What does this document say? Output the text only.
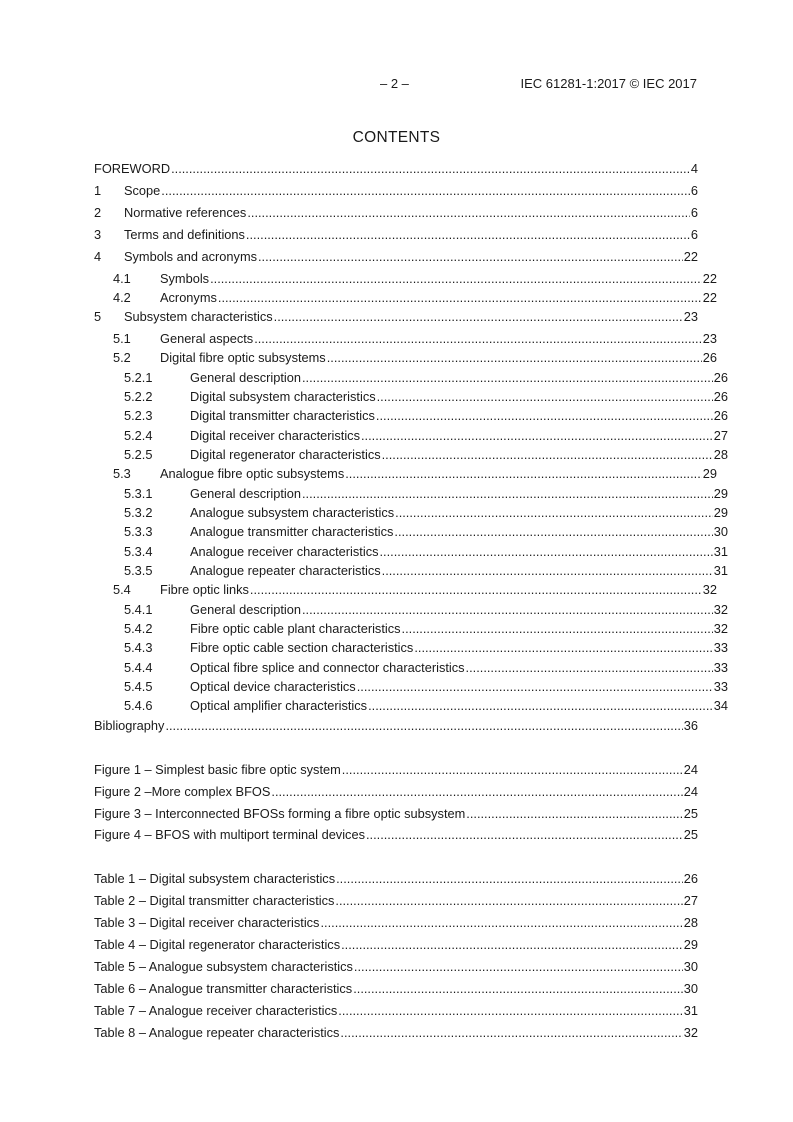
– 2 –	IEC 61281-1:2017 © IEC 2017
CONTENTS
FOREWORD .....	4
1	Scope .....	6
2	Normative references .....	6
3	Terms and definitions .....	6
4	Symbols and acronyms .....	22
4.1	Symbols .....	22
4.2	Acronyms .....	22
5	Subsystem characteristics .....	23
5.1	General aspects .....	23
5.2	Digital fibre optic subsystems .....	26
5.2.1	General description .....	26
5.2.2	Digital subsystem characteristics .....	26
5.2.3	Digital transmitter characteristics .....	26
5.2.4	Digital receiver characteristics .....	27
5.2.5	Digital regenerator characteristics .....	28
5.3	Analogue fibre optic subsystems .....	29
5.3.1	General description .....	29
5.3.2	Analogue subsystem characteristics .....	29
5.3.3	Analogue transmitter characteristics .....	30
5.3.4	Analogue receiver characteristics .....	31
5.3.5	Analogue repeater characteristics .....	31
5.4	Fibre optic links .....	32
5.4.1	General description .....	32
5.4.2	Fibre optic cable plant characteristics .....	32
5.4.3	Fibre optic cable section characteristics .....	33
5.4.4	Optical fibre splice and connector characteristics .....	33
5.4.5	Optical device characteristics .....	33
5.4.6	Optical amplifier characteristics .....	34
Bibliography .....	36
Figure 1 – Simplest basic fibre optic system .....	24
Figure 2 –More complex BFOS .....	24
Figure 3 – Interconnected BFOSs forming a fibre optic subsystem .....	25
Figure 4 – BFOS with multiport terminal devices .....	25
Table 1 – Digital subsystem characteristics .....	26
Table 2 – Digital transmitter characteristics .....	27
Table 3 – Digital receiver characteristics .....	28
Table 4 – Digital regenerator characteristics .....	29
Table 5 – Analogue subsystem characteristics .....	30
Table 6 – Analogue transmitter characteristics .....	30
Table 7 – Analogue receiver characteristics .....	31
Table 8 – Analogue repeater characteristics .....	32
